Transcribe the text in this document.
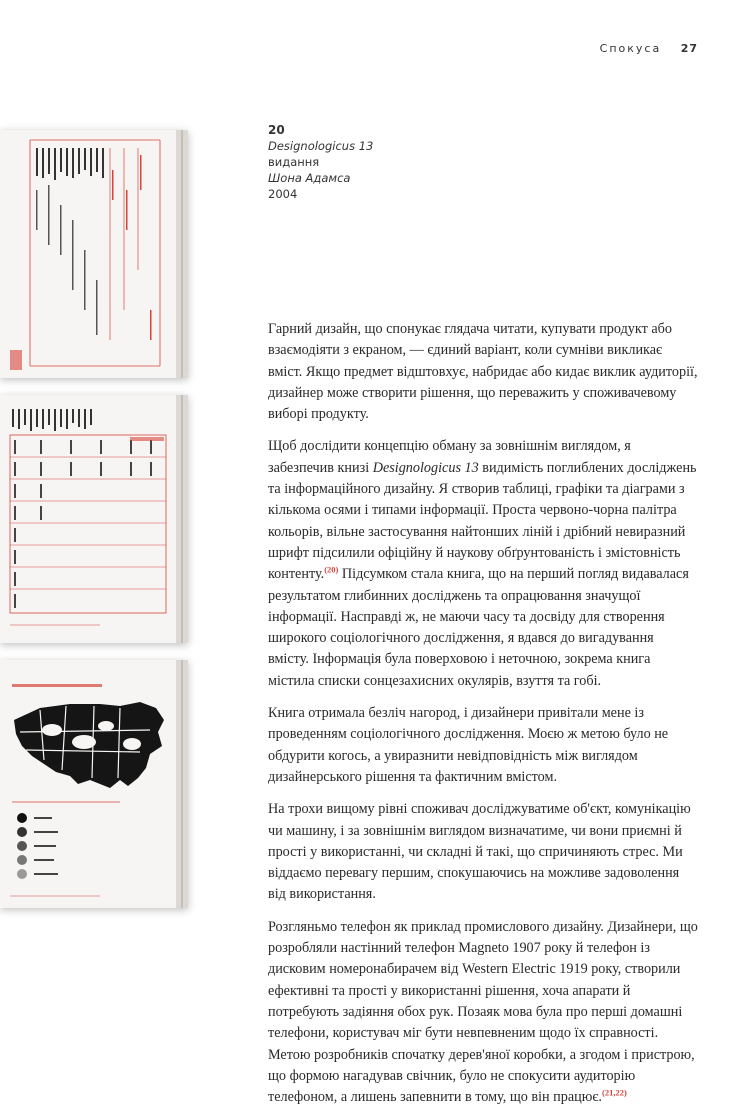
Спокуса 27
20
Designologicus 13
видання
Шона Адамса
2004

Гарний дизайн, що спонукає глядача читати, купувати продукт або взаємодіяти з екраном, — єдиний варіант, коли сумніви викликає вміст. Якщо предмет відштовхує, набридає або кидає виклик аудиторії, дизайнер може створити рішення, що переважить у споживачевому виборі продукту.

Щоб дослідити концепцію обману за зовнішнім виглядом, я забезпечив книзі Designologicus 13 видимість поглиблених досліджень та інформаційного дизайну. Я створив таблиці, графіки та діаграми з кількома осями і типами інформації. Проста червоно-чорна палітра кольорів, вільне застосування найтонших ліній і дрібний невиразний шрифт підсилили офіційну й наукову обґрунтованість і змістовність контенту.$^{(20)}$ Підсумком стала книга, що на перший погляд видавалася результатом глибинних досліджень та опрацювання значущої інформації. Насправді ж, не маючи часу та досвіду для створення широкого соціологічного дослідження, я вдався до вигадування вмісту. Інформація була поверховою і неточною, зокрема книга містила списки сонцезахисних окулярів, взуття та гобі.

Книга отримала безліч нагород, і дизайнери привітали мене із проведенням соціологічного дослідження. Моєю ж метою було не обдурити когось, а увиразнити невідповідність між виглядом дизайнерського рішення та фактичним вмістом.

На трохи вищому рівні споживач досліджуватиме об'єкт, комунікацію чи машину, і за зовнішнім виглядом визначатиме, чи вони приємні й прості у використанні, чи складні й такі, що спричиняють стрес. Ми віддаємо перевагу першим, спокушаючись на можливе задоволення від використання.

Розгляньмо телефон як приклад промислового дизайну. Дизайнери, що розробляли настінний телефон Magneto 1907 року й телефон із дисковим номеронабирачем від Western Electric 1919 року, створили ефективні та прості у використанні рішення, хоча апарати й потребують задіяння обох рук. Позаяк мова була про перші домашні телефони, користувач міг бути невпевненим щодо їх справності. Метою розробників спочатку дерев'яної коробки, а згодом і пристрою, що формою нагадував свічник, було не спокусити аудиторію телефоном, а лишень запевнити в тому, що він працює.$^{(21,22)}$
